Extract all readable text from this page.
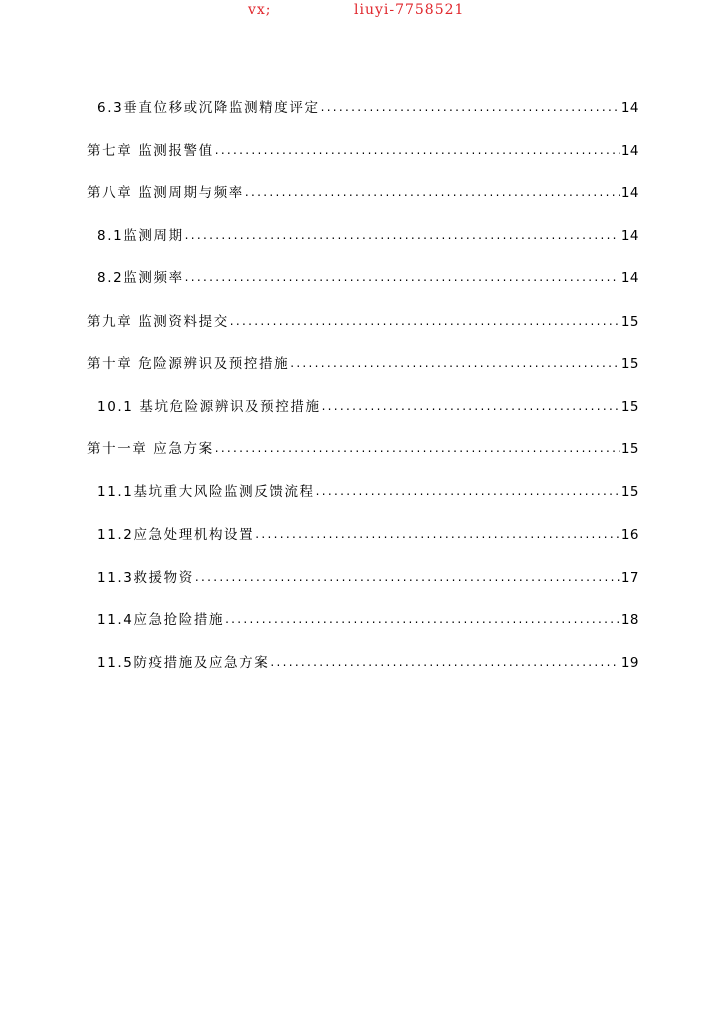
vx;	liuyi-7758521
6.3垂直位移或沉降监测精度评定 .....	14
第七章 监测报警值 .....	14
第八章 监测周期与频率 .....	14
8.1监测周期 .....	14
8.2监测频率 .....	14
第九章 监测资料提交 .....	15
第十章 危险源辨识及预控措施 .....	15
10.1 基坑危险源辨识及预控措施 .....	15
第十一章 应急方案 .....	15
11.1基坑重大风险监测反馈流程 .....	15
11.2应急处理机构设置 .....	16
11.3救援物资 .....	17
11.4应急抢险措施 .....	18
11.5防疫措施及应急方案 .....	19
